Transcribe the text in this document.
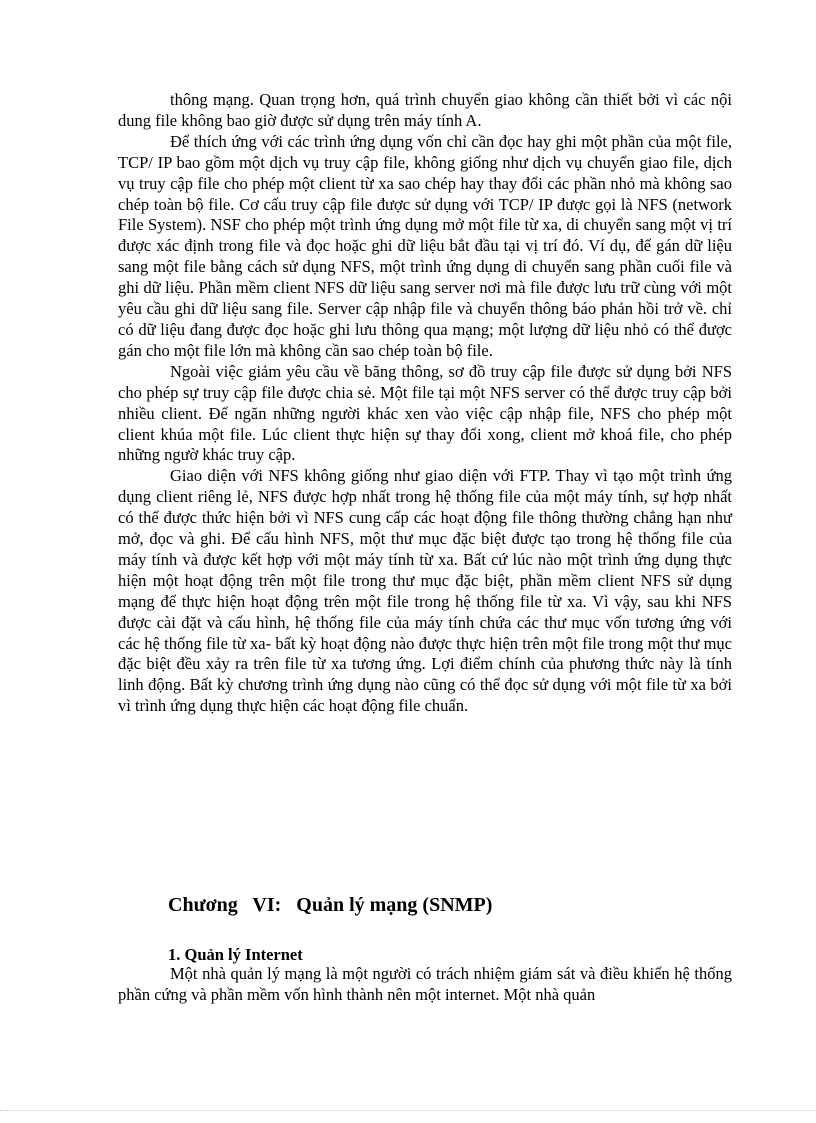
thông mạng. Quan trọng hơn, quá trình chuyển giao không cần thiết bởi vì các nội dung file không bao giờ được sử dụng trên máy tính A.

Để thích ứng với các trình ứng dụng vốn chỉ cần đọc hay ghi một phần của một file, TCP/ IP bao gồm một dịch vụ truy cập file, không giống như dịch vụ chuyển giao file, dịch vụ truy cập file cho phép một client từ xa sao chép hay thay đổi các phần nhỏ mà không sao chép toàn bộ file. Cơ cấu truy cập file được sử dụng với TCP/ IP được gọi là NFS (network File System). NSF cho phép một trình ứng dụng mở một file từ xa, di chuyển sang một vị trí được xác định trong file và đọc hoặc ghi dữ liệu bắt đầu tại vị trí đó. Ví dụ, để gán dữ liệu sang một file bằng cách sử dụng NFS, một trình ứng dụng di chuyển sang phần cuối file và ghi dữ liệu. Phần mềm client NFS dữ liệu sang server nơi mà file được lưu trữ cùng với một yêu cầu ghi dữ liệu sang file. Server cập nhập file và chuyển thông báo phản hồi trở về. chỉ có dữ liệu đang được đọc hoặc ghi lưu thông qua mạng; một lượng dữ liệu nhỏ có thể được gán cho một file lớn mà không cần sao chép toàn bộ file.

Ngoài việc giảm yêu cầu về băng thông, sơ đồ truy cập file được sử dụng bởi NFS cho phép sự truy cập file được chia sẻ. Một file tại một NFS server có thể được truy cập bởi nhiều client. Để ngăn những người khác xen vào việc cập nhập file, NFS cho phép một client khúa một file. Lúc client thực hiện sự thay đổi xong, client mở khoá file, cho phép những ngườ khác truy cập.

Giao diện với NFS không giống như giao diện với FTP. Thay vì tạo một trình ứng dụng client riêng lẻ, NFS được hợp nhất trong hệ thống file của một máy tính, sự hợp nhất có thể được thức hiện bởi vì NFS cung cấp các hoạt động file thông thường chẳng hạn như mở, đọc và ghi. Để cấu hình NFS, một thư mục đặc biệt được tạo trong hệ thống file của máy tính và được kết hợp với một máy tính từ xa. Bất cứ lúc nào một trình ứng dụng thực hiện một hoạt động trên một file trong thư mục đặc biệt, phần mềm client NFS sử dụng mạng để thực hiện hoạt động trên một file trong hệ thống file từ xa. Vì vậy, sau khi NFS được cài đặt và cấu hình, hệ thống file của máy tính chứa các thư mục vốn tương ứng với các hệ thống file từ xa- bất kỳ hoạt động nào được thực hiện trên một file trong một thư mục đặc biệt đều xảy ra trên file từ xa tương ứng. Lợi điểm chính của phương thức này là tính linh động. Bất kỳ chương trình ứng dụng nào cũng có thể đọc sử dụng với một file từ xa bởi vì trình ứng dụng thực hiện các hoạt động file chuẩn.

Chương   VI:   Quản lý mạng (SNMP)
1. Quản lý Internet

Một nhà quản lý mạng là một người có trách nhiệm giám sát và điều khiển hệ thống phần cứng và phần mềm vốn hình thành nên một internet. Một nhà quản
